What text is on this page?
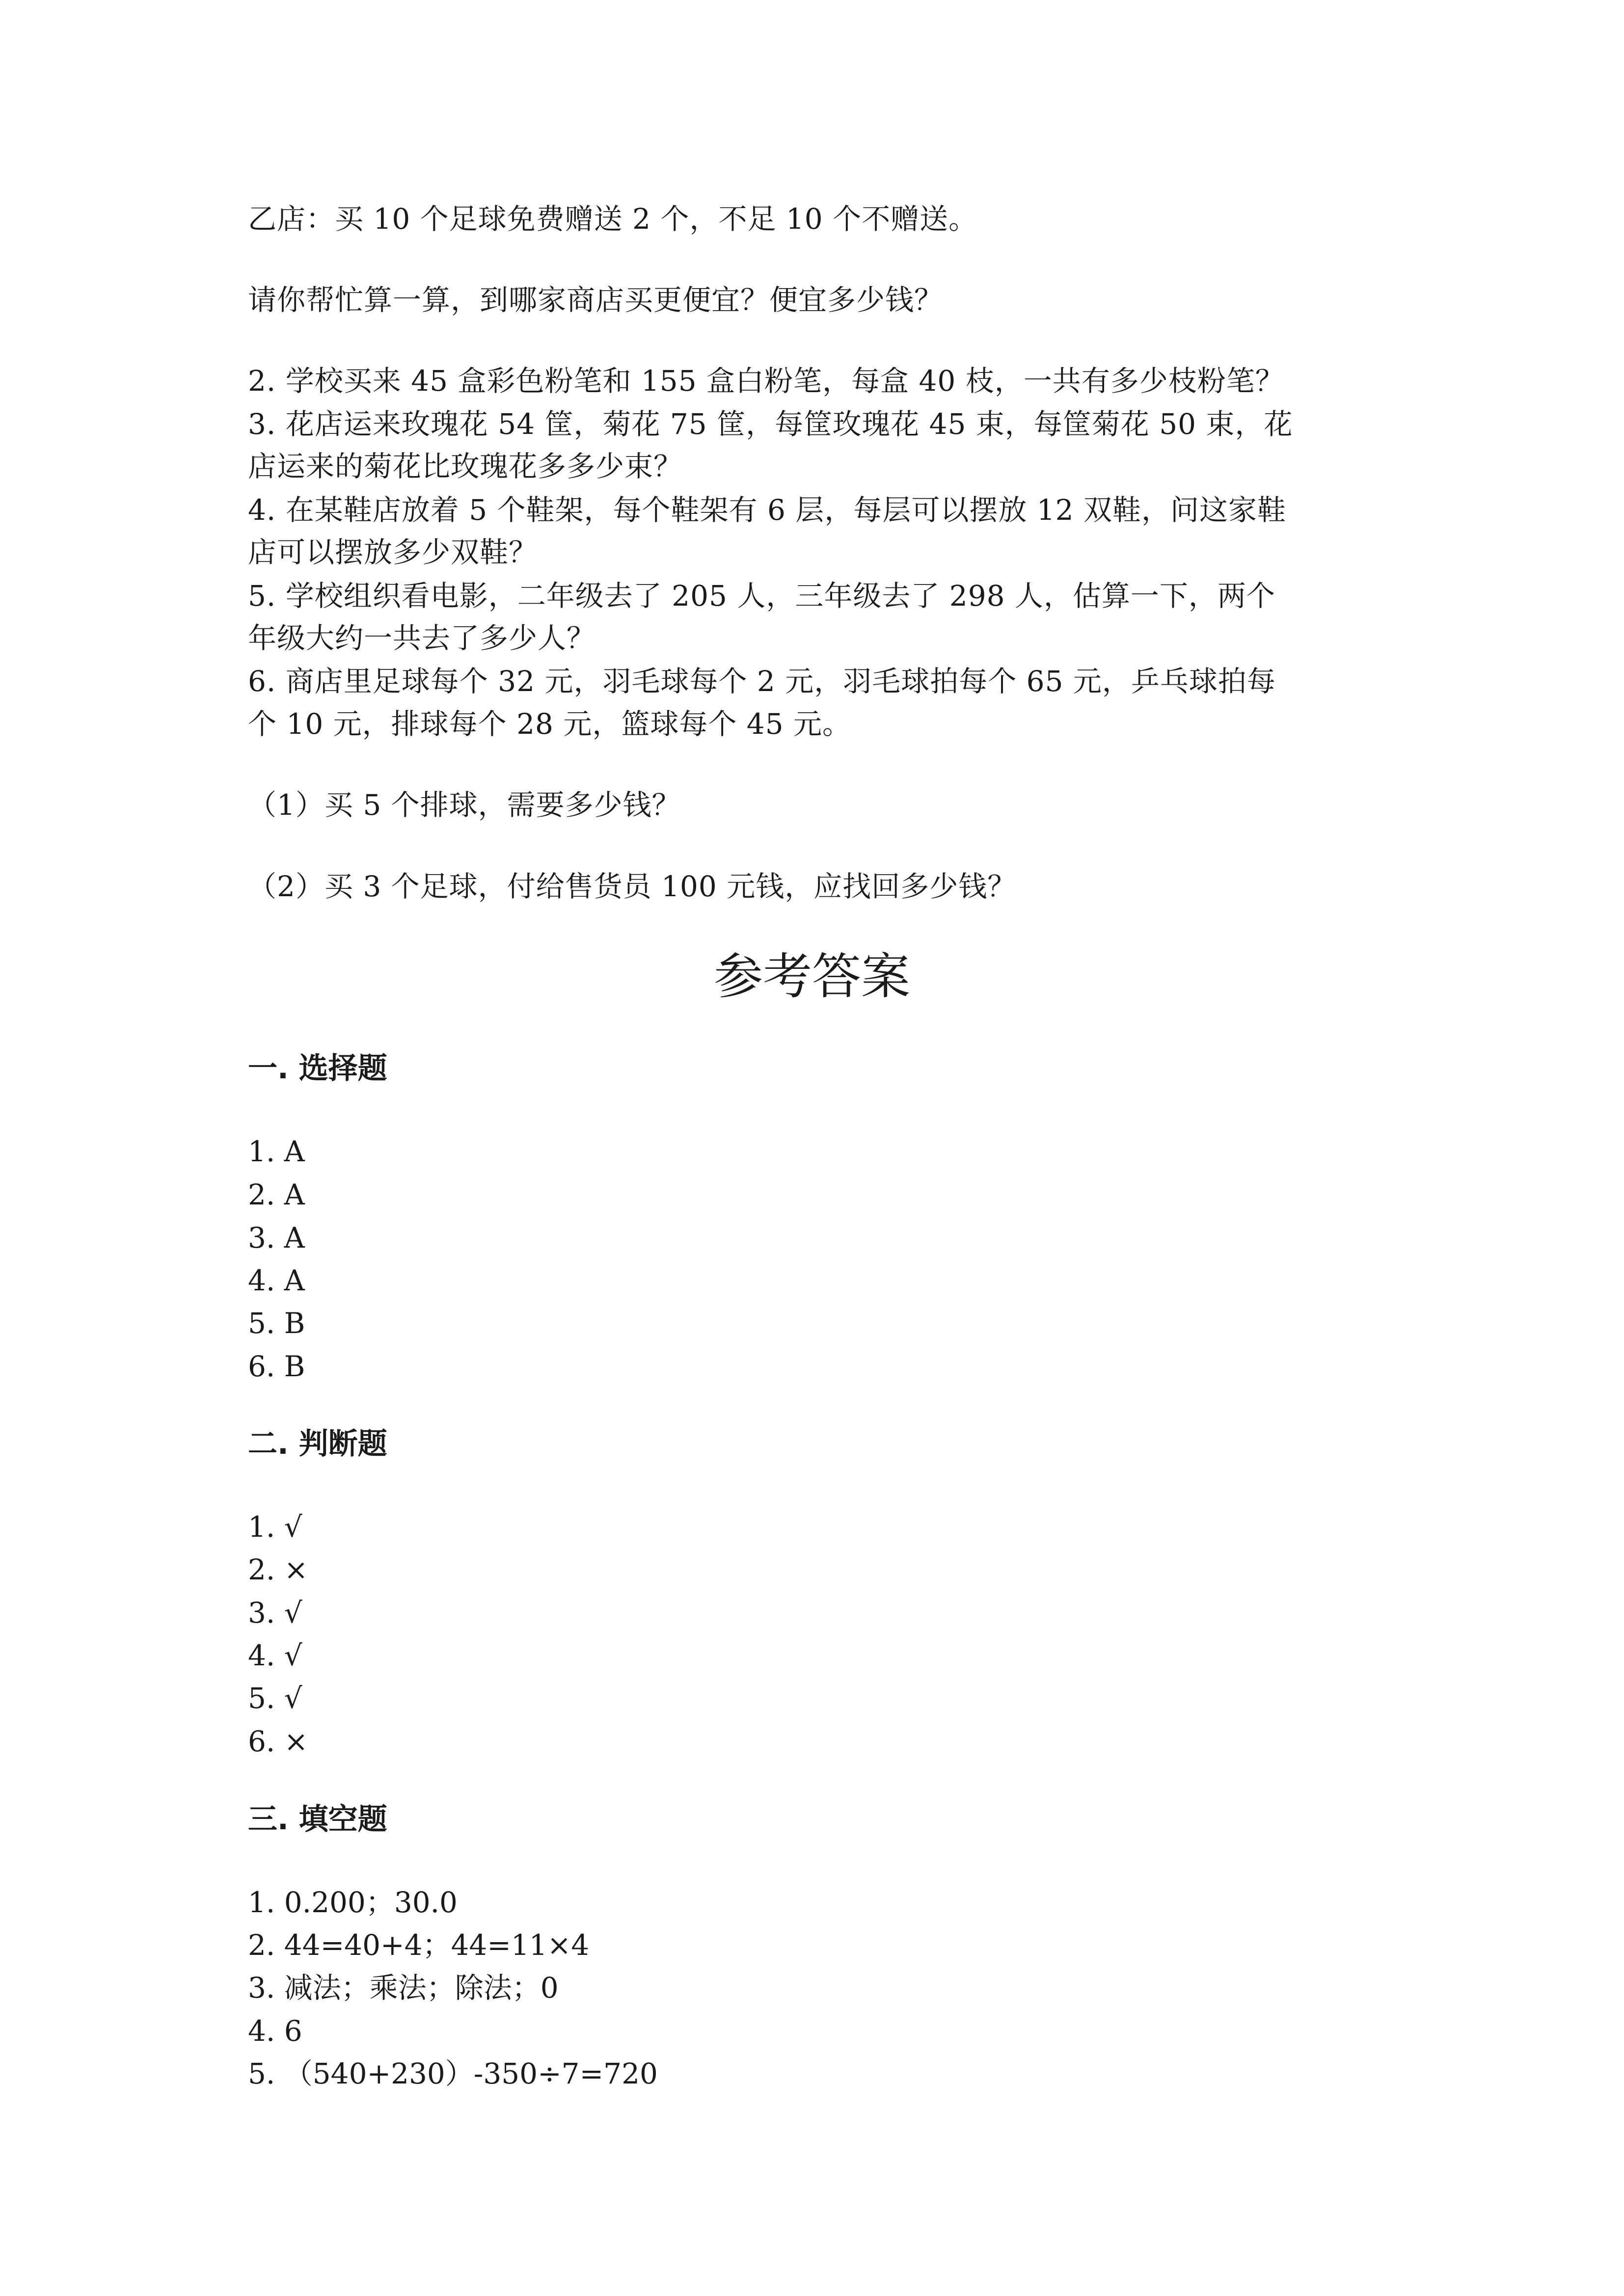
乙店：买 10 个足球免费赠送 2 个，不足 10 个不赠送。
请你帮忙算一算，到哪家商店买更便宜？便宜多少钱？
2. 学校买来 45 盒彩色粉笔和 155 盒白粉笔，每盒 40 枝，一共有多少枝粉笔？
3. 花店运来玫瑰花 54 筐，菊花 75 筐，每筐玫瑰花 45 束，每筐菊花 50 束，花
店运来的菊花比玫瑰花多多少束？
4. 在某鞋店放着 5 个鞋架，每个鞋架有 6 层，每层可以摆放 12 双鞋，问这家鞋
店可以摆放多少双鞋？
5. 学校组织看电影，二年级去了 205 人，三年级去了 298 人，估算一下，两个
年级大约一共去了多少人？
6. 商店里足球每个 32 元，羽毛球每个 2 元，羽毛球拍每个 65 元，乒乓球拍每
个 10 元，排球每个 28 元，篮球每个 45 元。
（1）买 5 个排球，需要多少钱？
（2）买 3 个足球，付给售货员 100 元钱，应找回多少钱？
参考答案
一. 选择题
1. A
2. A
3. A
4. A
5. B
6. B
二. 判断题
1. √
2. ×
3. √
4. √
5. √
6. ×
三. 填空题
1. 0.200；30.0
2. 44=40+4；44=11×4
3. 减法；乘法；除法；0
4. 6
5. （540+230）-350÷7=720
